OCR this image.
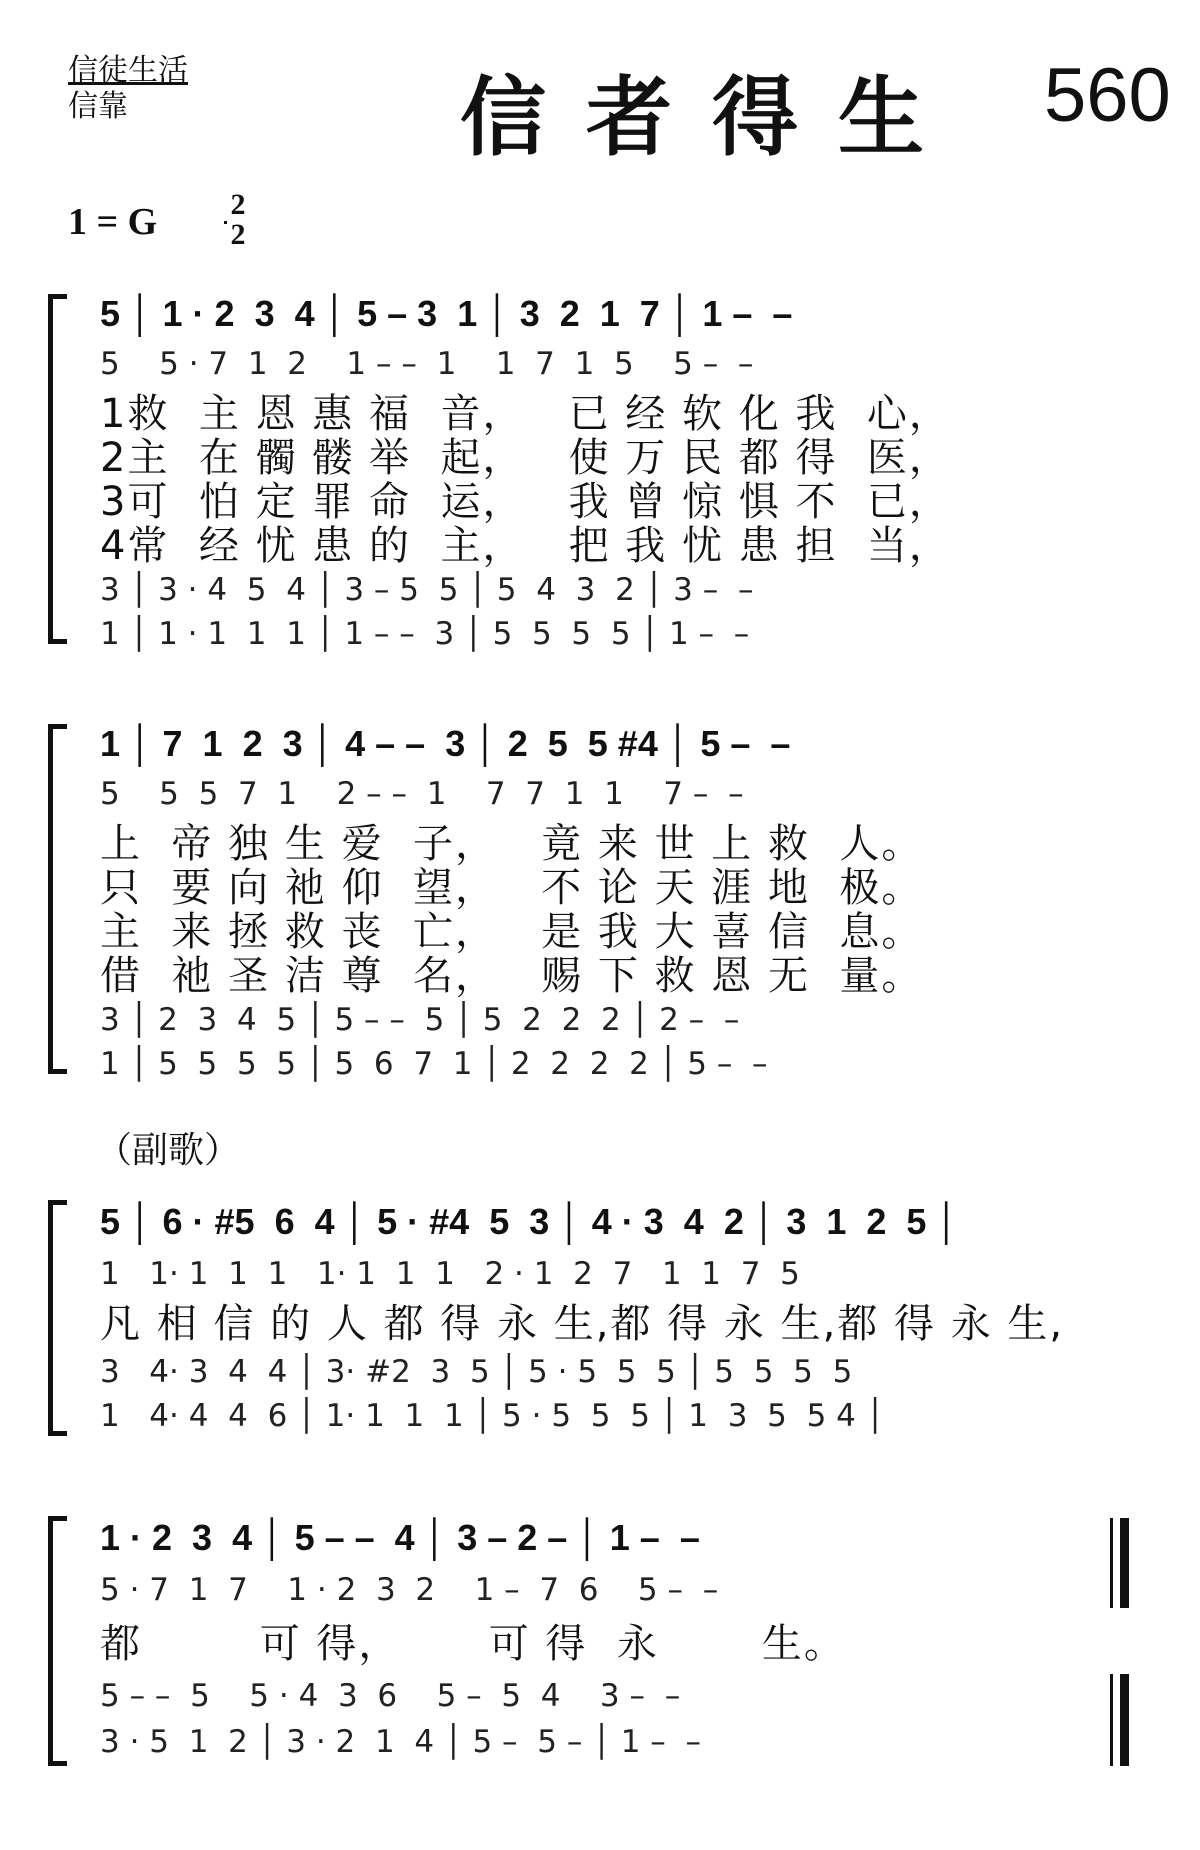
信徒生活
信靠	信者得生 560
1 = G 2
2
5 │ 1 · 2  3  4 │ 5 – 3  1 │ 3  2  1  7 │ 1 –  –
5    5 · 7  1  2    1 – –  1    1  7  1  5    5 –  –
1救  主 恩 惠 福  音，   已 经 软 化 我  心，
2主  在 髑 髅 举  起，   使 万 民 都 得  医，
3可  怕 定 罪 命  运，   我 曾 惊 惧 不  已，
4常  经 忧 患 的  主，   把 我 忧 患 担  当，
3 │ 3 · 4  5  4 │ 3 – 5  5 │ 5  4  3  2 │ 3 –  –
1 │ 1 · 1  1  1 │ 1 – –  3 │ 5  5  5  5 │ 1 –  –
1 │ 7  1  2  3 │ 4 – –  3 │ 2  5  5 #4 │ 5 –  –
5    5  5  7  1    2 – –  1    7  7  1  1    7 –  –
上  帝 独 生 爱  子，   竟 来 世 上 救  人。
只  要 向 祂 仰  望，   不 论 天 涯 地  极。
主  来 拯 救 丧  亡，   是 我 大 喜 信  息。
借  祂 圣 洁 尊  名，   赐 下 救 恩 无  量。
3 │ 2  3  4  5 │ 5 – –  5 │ 5  2  2  2 │ 2 –  –
1 │ 5  5  5  5 │ 5  6  7  1 │ 2  2  2  2 │ 5 –  –
（副歌）
5 │ 6 · #5  6  4 │ 5 · #4  5  3 │ 4 · 3  4  2 │ 3  1  2  5 │
1   1· 1  1  1   1· 1  1  1   2 · 1  2  7   1  1  7  5
凡 相 信 的 人 都 得 永 生,都 得 永 生,都 得 永 生,
3   4· 3  4  4 │ 3· #2  3  5 │ 5 · 5  5  5 │ 5  5  5  5
1   4· 4  4  6 │ 1· 1  1  1 │ 5 · 5  5  5 │ 1  3  5  5 4 │
1 · 2  3  4 │ 5 – –  4 │ 3 – 2 – │ 1 –  –
5 · 7  1  7    1 · 2  3  2    1 –  7  6    5 –  –
都        可 得，      可 得  永       生。
5 – –  5    5 · 4  3  6    5 –  5  4    3 –  –
3 · 5  1  2 │ 3 · 2  1  4 │ 5 –  5 – │ 1 –  –
